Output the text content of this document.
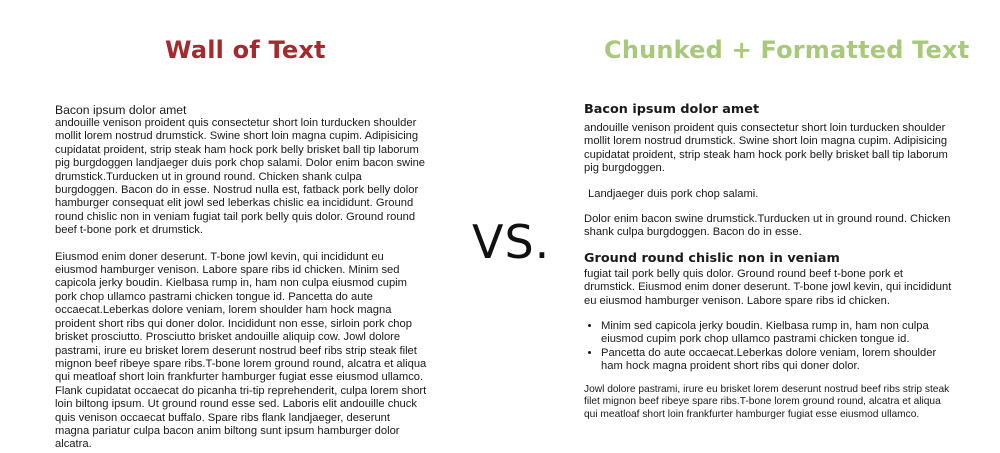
Wall of Text	Chunked + Formatted Text
VS.

Bacon ipsum dolor amet

andouille venison proident quis consectetur short loin turducken shoulder mollit lorem nostrud drumstick. Swine short loin magna cupim. Adipisicing cupidatat proident, strip steak ham hock pork belly brisket ball tip laborum pig burgdoggen landjaeger duis pork chop salami. Dolor enim bacon swine drumstick.Turducken ut in ground round. Chicken shank culpa burgdoggen. Bacon do in esse. Nostrud nulla est, fatback pork belly dolor hamburger consequat elit jowl sed leberkas chislic ea incididunt. Ground round chislic non in veniam fugiat tail pork belly quis dolor. Ground round beef t-bone pork et drumstick.

Eiusmod enim doner deserunt. T-bone jowl kevin, qui incididunt eu eiusmod hamburger venison. Labore spare ribs id chicken. Minim sed capicola jerky boudin. Kielbasa rump in, ham non culpa eiusmod cupim pork chop ullamco pastrami chicken tongue id. Pancetta do aute occaecat.Leberkas dolore veniam, lorem shoulder ham hock magna proident short ribs qui doner dolor. Incididunt non esse, sirloin pork chop brisket prosciutto. Prosciutto brisket andouille aliquip cow. Jowl dolore pastrami, irure eu brisket lorem deserunt nostrud beef ribs strip steak filet mignon beef ribeye spare ribs.T-bone lorem ground round, alcatra et aliqua qui meatloaf short loin frankfurter hamburger fugiat esse eiusmod ullamco. Flank cupidatat occaecat do picanha tri-tip reprehenderit, culpa lorem short loin biltong ipsum. Ut ground round esse sed. Laboris elit andouille chuck quis venison occaecat buffalo. Spare ribs flank landjaeger, deserunt magna pariatur culpa bacon anim biltong sunt ipsum hamburger dolor alcatra.

Bacon ipsum dolor amet

andouille venison proident quis consectetur short loin turducken shoulder mollit lorem nostrud drumstick. Swine short loin magna cupim. Adipisicing cupidatat proident, strip steak ham hock pork belly brisket ball tip laborum pig burgdoggen.

Landjaeger duis pork chop salami.

Dolor enim bacon swine drumstick.Turducken ut in ground round. Chicken shank culpa burgdoggen. Bacon do in esse.

Ground round chislic non in veniam

fugiat tail pork belly quis dolor. Ground round beef t-bone pork et drumstick. Eiusmod enim doner deserunt. T-bone jowl kevin, qui incididunt eu eiusmod hamburger venison. Labore spare ribs id chicken.

• Minim sed capicola jerky boudin. Kielbasa rump in, ham non culpa eiusmod cupim pork chop ullamco pastrami chicken tongue id.
• Pancetta do aute occaecat.Leberkas dolore veniam, lorem shoulder ham hock magna proident short ribs qui doner dolor.

Jowl dolore pastrami, irure eu brisket lorem deserunt nostrud beef ribs strip steak filet mignon beef ribeye spare ribs.T-bone lorem ground round, alcatra et aliqua qui meatloaf short loin frankfurter hamburger fugiat esse eiusmod ullamco.
